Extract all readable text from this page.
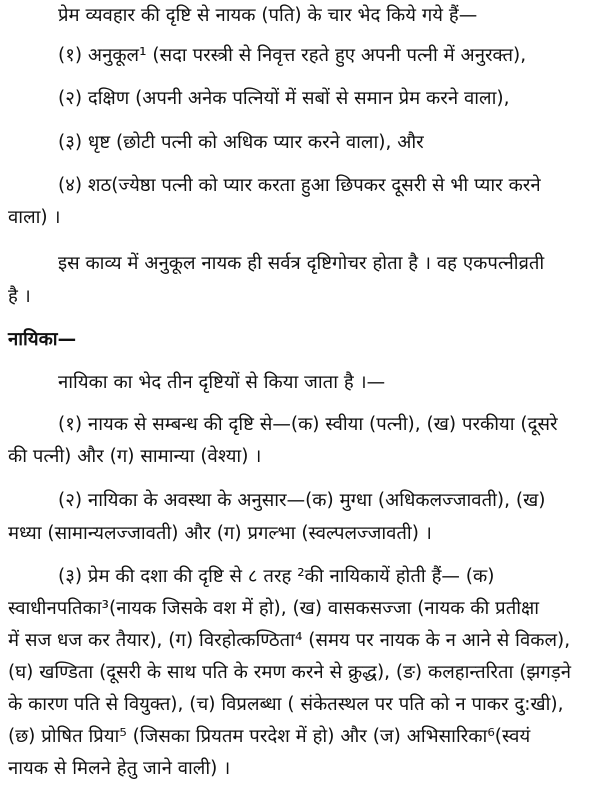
प्रेम व्यवहार की दृष्टि से नायक (पति) के चार भेद किये गये हैं—

(१) अनुकूल¹ (सदा परस्त्री से निवृत्त रहते हुए अपनी पत्नी में अनुरक्त),

(२) दक्षिण (अपनी अनेक पत्नियों में सबों से समान प्रेम करने वाला),

(३) धृष्ट (छोटी पत्नी को अधिक प्यार करने वाला), और

(४) शठ(ज्येष्ठा पत्नी को प्यार करता हुआ छिपकर दूसरी से भी प्यार करने

वाला) ।

इस काव्य में अनुकूल नायक ही सर्वत्र दृष्टिगोचर होता है । वह एकपत्नीव्रती

है ।

नायिका—

नायिका का भेद तीन दृष्टियों से किया जाता है ।—

(१) नायक से सम्बन्ध की दृष्टि से—(क) स्वीया (पत्नी), (ख) परकीया (दूसरे

की पत्नी) और (ग) सामान्या (वेश्या) ।

(२) नायिका के अवस्था के अनुसार—(क) मुग्धा (अधिकलज्जावती), (ख)

मध्या (सामान्यलज्जावती) और (ग) प्रगल्भा (स्वल्पलज्जावती) ।

(३) प्रेम की दशा की दृष्टि से ८ तरह ²की नायिकायें होती हैं— (क)

स्वाधीनपतिका³(नायक जिसके वश में हो), (ख) वासकसज्जा (नायक की प्रतीक्षा

में सज धज कर तैयार), (ग) विरहोत्कण्ठिता⁴ (समय पर नायक के न आने से विकल),

(घ) खण्डिता (दूसरी के साथ पति के रमण करने से क्रुद्ध), (ङ) कलहान्तरिता (झगड़ने

के कारण पति से वियुक्त), (च) विप्रलब्धा ( संकेतस्थल पर पति को न पाकर दु:खी),

(छ) प्रोषित प्रिया⁵ (जिसका प्रियतम परदेश में हो) और (ज) अभिसारिका⁶(स्वयं

नायक से मिलने हेतु जाने वाली) ।
